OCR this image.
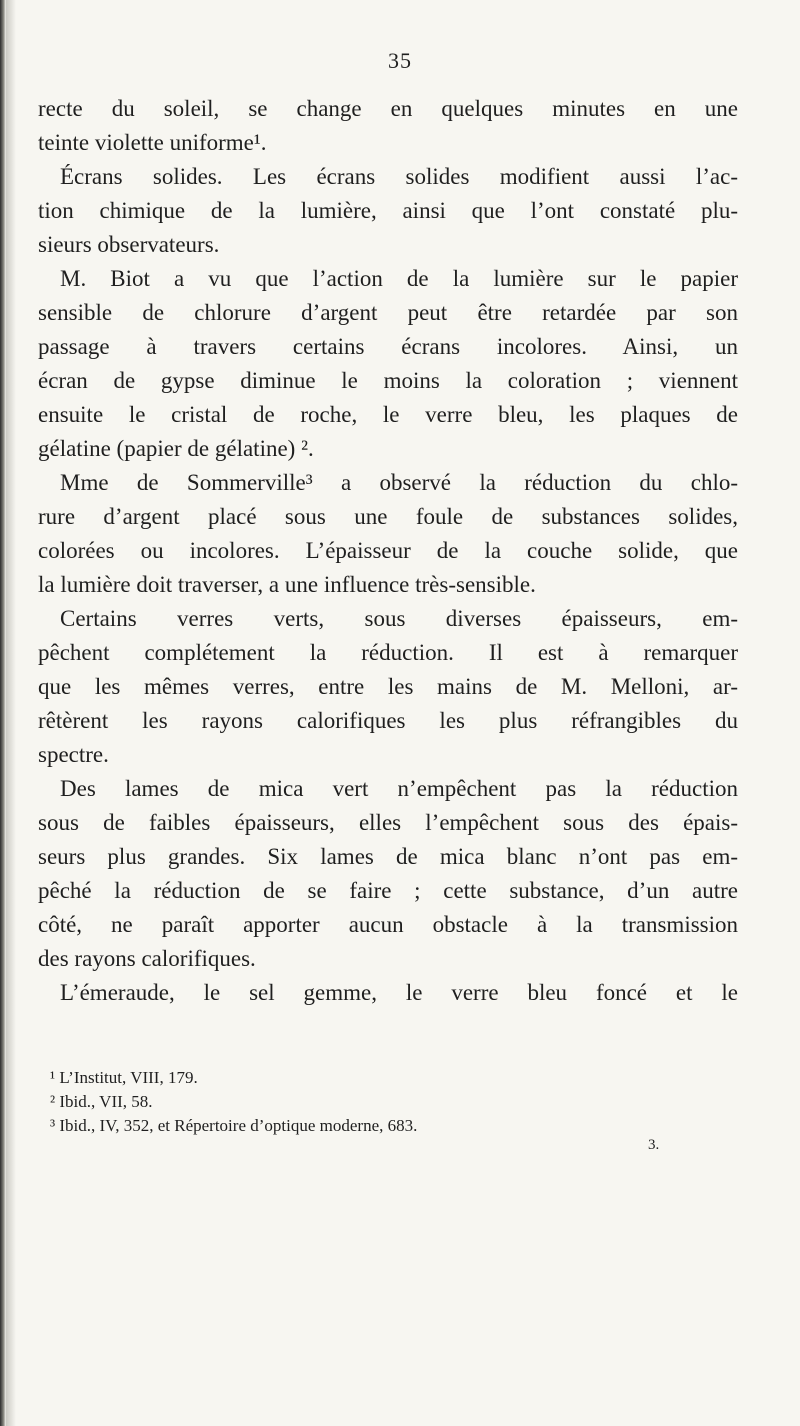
35
recte du soleil, se change en quelques minutes en une
teinte violette uniforme¹.
Écrans solides. Les écrans solides modifient aussi l’ac-
tion chimique de la lumière, ainsi que l’ont constaté plu-
sieurs observateurs.
M. Biot a vu que l’action de la lumière sur le papier
sensible de chlorure d’argent peut être retardée par son
passage à travers certains écrans incolores. Ainsi, un
écran de gypse diminue le moins la coloration ; viennent
ensuite le cristal de roche, le verre bleu, les plaques de
gélatine (papier de gélatine) ².
Mme de Sommerville³ a observé la réduction du chlo-
rure d’argent placé sous une foule de substances solides,
colorées ou incolores. L’épaisseur de la couche solide, que
la lumière doit traverser, a une influence très-sensible.
Certains verres verts, sous diverses épaisseurs, em-
pêchent complétement la réduction. Il est à remarquer
que les mêmes verres, entre les mains de M. Melloni, ar-
rêtèrent les rayons calorifiques les plus réfrangibles du
spectre.
Des lames de mica vert n’empêchent pas la réduction
sous de faibles épaisseurs, elles l’empêchent sous des épais-
seurs plus grandes. Six lames de mica blanc n’ont pas em-
pêché la réduction de se faire ; cette substance, d’un autre
côté, ne paraît apporter aucun obstacle à la transmission
des rayons calorifiques.
L’émeraude, le sel gemme, le verre bleu foncé et le
¹ L’Institut, VIII, 179.
² Ibid., VII, 58.
³ Ibid., IV, 352, et Répertoire d’optique moderne, 683.
3.
